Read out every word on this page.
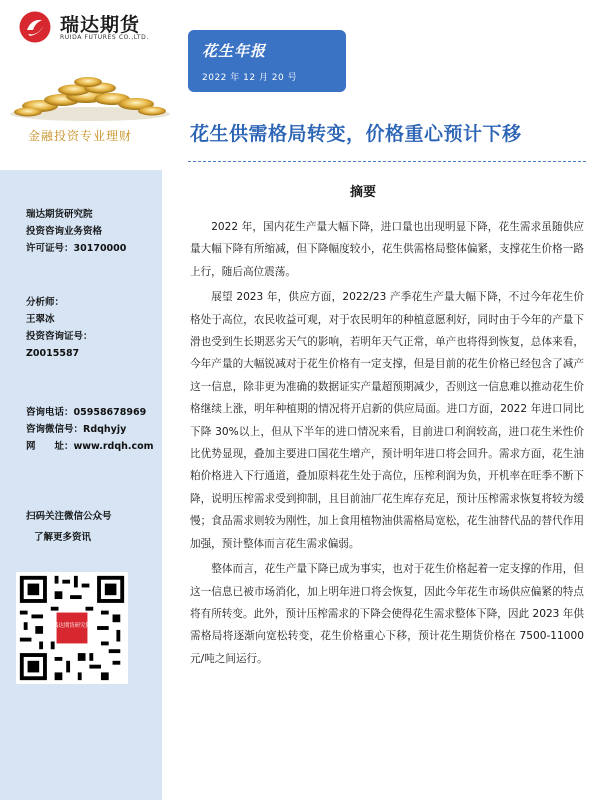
瑞达期货
RUIDA FUTURES CO.,LTD.
金融投资专业理财
瑞达期货研究院
投资咨询业务资格
许可证号：30170000
分析师：
王翠冰
投资咨询证号：
Z0015587
咨询电话：05958678969
咨询微信号：Rdqhyjy
网　　址：www.rdqh.com
扫码关注微信公众号
了解更多资讯
瑞达期货研究院
花生年报
2022 年 12 月 20 号
花生供需格局转变，价格重心预计下移
摘要

2022 年，国内花生产量大幅下降，进口量也出现明显下降，花生需求虽随供应量大幅下降有所缩减，但下降幅度较小，花生供需格局整体偏紧，支撑花生价格一路上行，随后高位震荡。

展望 2023 年，供应方面，2022/23 产季花生产量大幅下降，不过今年花生价格处于高位，农民收益可观，对于农民明年的种植意愿利好，同时由于今年的产量下滑也受到生长期恶劣天气的影响，若明年天气正常，单产也将得到恢复，总体来看，今年产量的大幅锐减对于花生价格有一定支撑，但是目前的花生价格已经包含了减产这一信息，除非更为准确的数据证实产量超预期减少，否则这一信息难以推动花生价格继续上涨，明年种植期的情况将开启新的供应局面。进口方面，2022 年进口同比下降 30%以上，但从下半年的进口情况来看，目前进口利润较高，进口花生米性价比优势显现，叠加主要进口国花生增产，预计明年进口将会回升。需求方面，花生油粕价格进入下行通道，叠加原料花生处于高位，压榨利润为负，开机率在旺季不断下降，说明压榨需求受到抑制，且目前油厂花生库存充足，预计压榨需求恢复将较为缓慢；食品需求则较为刚性，加上食用植物油供需格局宽松，花生油替代品的替代作用加强，预计整体而言花生需求偏弱。

整体而言，花生产量下降已成为事实，也对于花生价格起着一定支撑的作用，但这一信息已被市场消化，加上明年进口将会恢复，因此今年花生市场供应偏紧的特点将有所转变。此外，预计压榨需求的下降会使得花生需求整体下降，因此 2023 年供需格局将逐渐向宽松转变，花生价格重心下移，预计花生期货价格在 7500-11000 元/吨之间运行。
